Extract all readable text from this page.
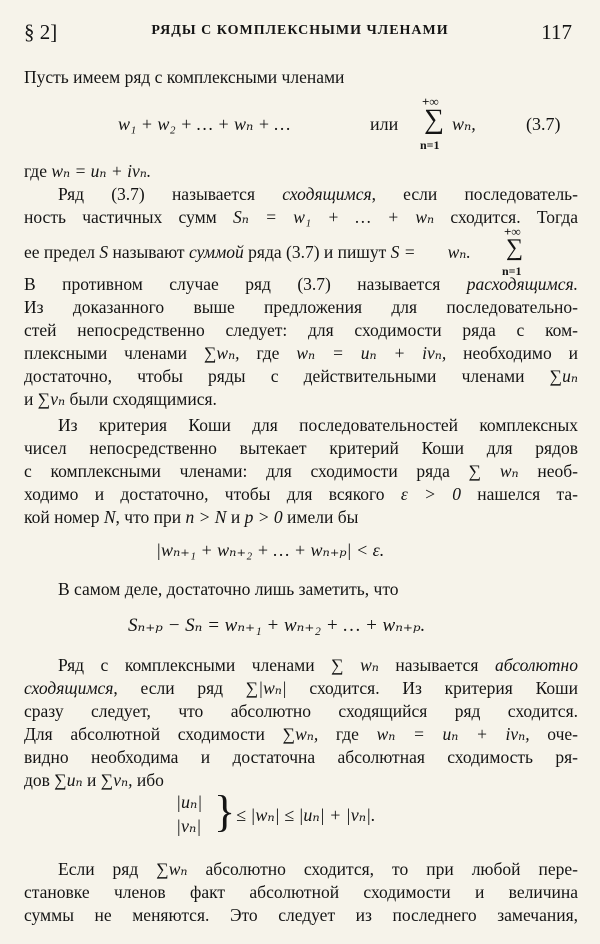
§ 2]	РЯДЫ С КОМПЛЕКСНЫМИ ЧЛЕНАМИ	117
Пусть имеем ряд с комплексными членами
w₁ + w₂ + … + wₙ + …	или
+∞
∑
n=1
wₙ,	(3.7)
где wₙ = uₙ + ivₙ.
Ряд (3.7) называется сходящимся, если последователь-
ность частичных сумм Sₙ = w₁ + … + wₙ сходится. Тогда
+∞
∑
n=1
ее предел S называют суммой ряда (3.7) и пишут S = wₙ.
В противном случае ряд (3.7) называется расходящимся.
Из доказанного выше предложения для последовательно-
стей непосредственно следует: для сходимости ряда с ком-
плексными членами ∑wₙ, где wₙ = uₙ + ivₙ, необходимо и
достаточно, чтобы ряды с действительными членами ∑uₙ
и ∑vₙ были сходящимися.
Из критерия Коши для последовательностей комплексных
чисел непосредственно вытекает критерий Коши для рядов
с комплексными членами: для сходимости ряда ∑ wₙ необ-
ходимо и достаточно, чтобы для всякого ε > 0 нашелся та-
кой номер N, что при n > N и p > 0 имели бы
|wₙ₊₁ + wₙ₊₂ + … + wₙ₊ₚ| < ε.
В самом деле, достаточно лишь заметить, что
Sₙ₊ₚ − Sₙ = wₙ₊₁ + wₙ₊₂ + … + wₙ₊ₚ.
Ряд с комплексными членами ∑ wₙ называется абсолютно
сходящимся, если ряд ∑|wₙ| сходится. Из критерия Коши
сразу следует, что абсолютно сходящийся ряд сходится.
Для абсолютной сходимости ∑wₙ, где wₙ = uₙ + ivₙ, оче-
видно необходима и достаточна абсолютная сходимость ря-
дов ∑uₙ и ∑vₙ, ибо
|uₙ|
|vₙ| } ≤ |wₙ| ≤ |uₙ| + |vₙ|.
Если ряд ∑wₙ абсолютно сходится, то при любой пере-
становке членов факт абсолютной сходимости и величина
суммы не меняются. Это следует из последнего замечания,
